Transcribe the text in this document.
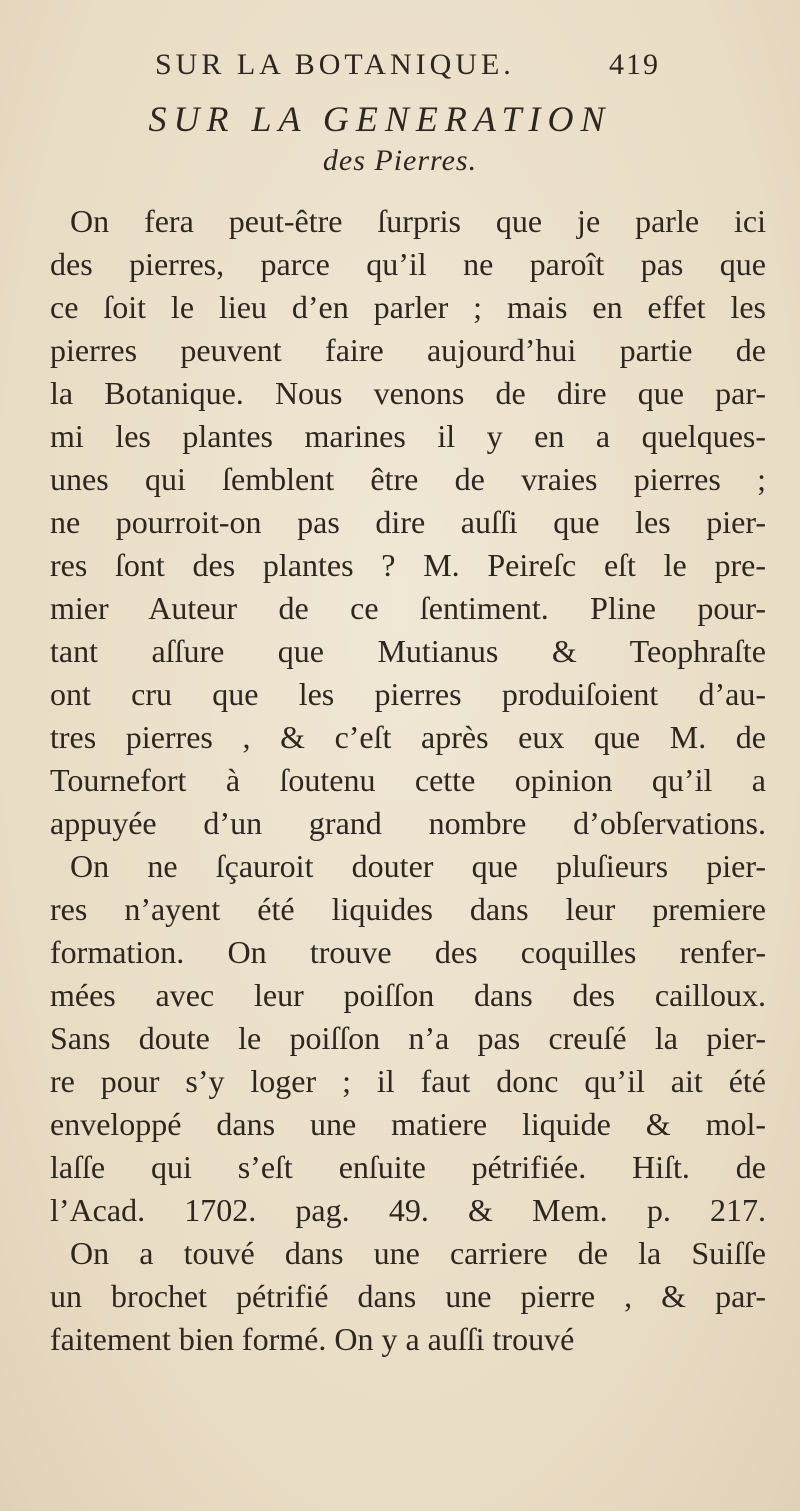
SUR LA BOTANIQUE.	419
SUR LA GENERATION
des Pierres.
On fera peut-être ſurpris que je parle ici
des pierres, parce qu’il ne paroît pas que
ce ſoit le lieu d’en parler ; mais en effet les
pierres peuvent faire aujourd’hui partie de
la Botanique. Nous venons de dire que par-
mi les plantes marines il y en a quelques-
unes qui ſemblent être de vraies pierres ;
ne pourroit-on pas dire auſſi que les pier-
res ſont des plantes ? M. Peireſc eſt le pre-
mier Auteur de ce ſentiment. Pline pour-
tant aſſure que Mutianus & Teophraſte
ont cru que les pierres produiſoient d’au-
tres pierres , & c’eſt après eux que M. de
Tournefort à ſoutenu cette opinion qu’il a
appuyée d’un grand nombre d’obſervations.
On ne ſçauroit douter que pluſieurs pier-
res n’ayent été liquides dans leur premiere
formation. On trouve des coquilles renfer-
mées avec leur poiſſon dans des cailloux.
Sans doute le poiſſon n’a pas creuſé la pier-
re pour s’y loger ; il faut donc qu’il ait été
enveloppé dans une matiere liquide & mol-
laſſe qui s’eſt enſuite pétrifiée. Hiſt. de
l’Acad. 1702. pag. 49. & Mem. p. 217.
On a touvé dans une carriere de la Suiſſe
un brochet pétrifié dans une pierre , & par-
faitement bien formé. On y a auſſi trouvé
